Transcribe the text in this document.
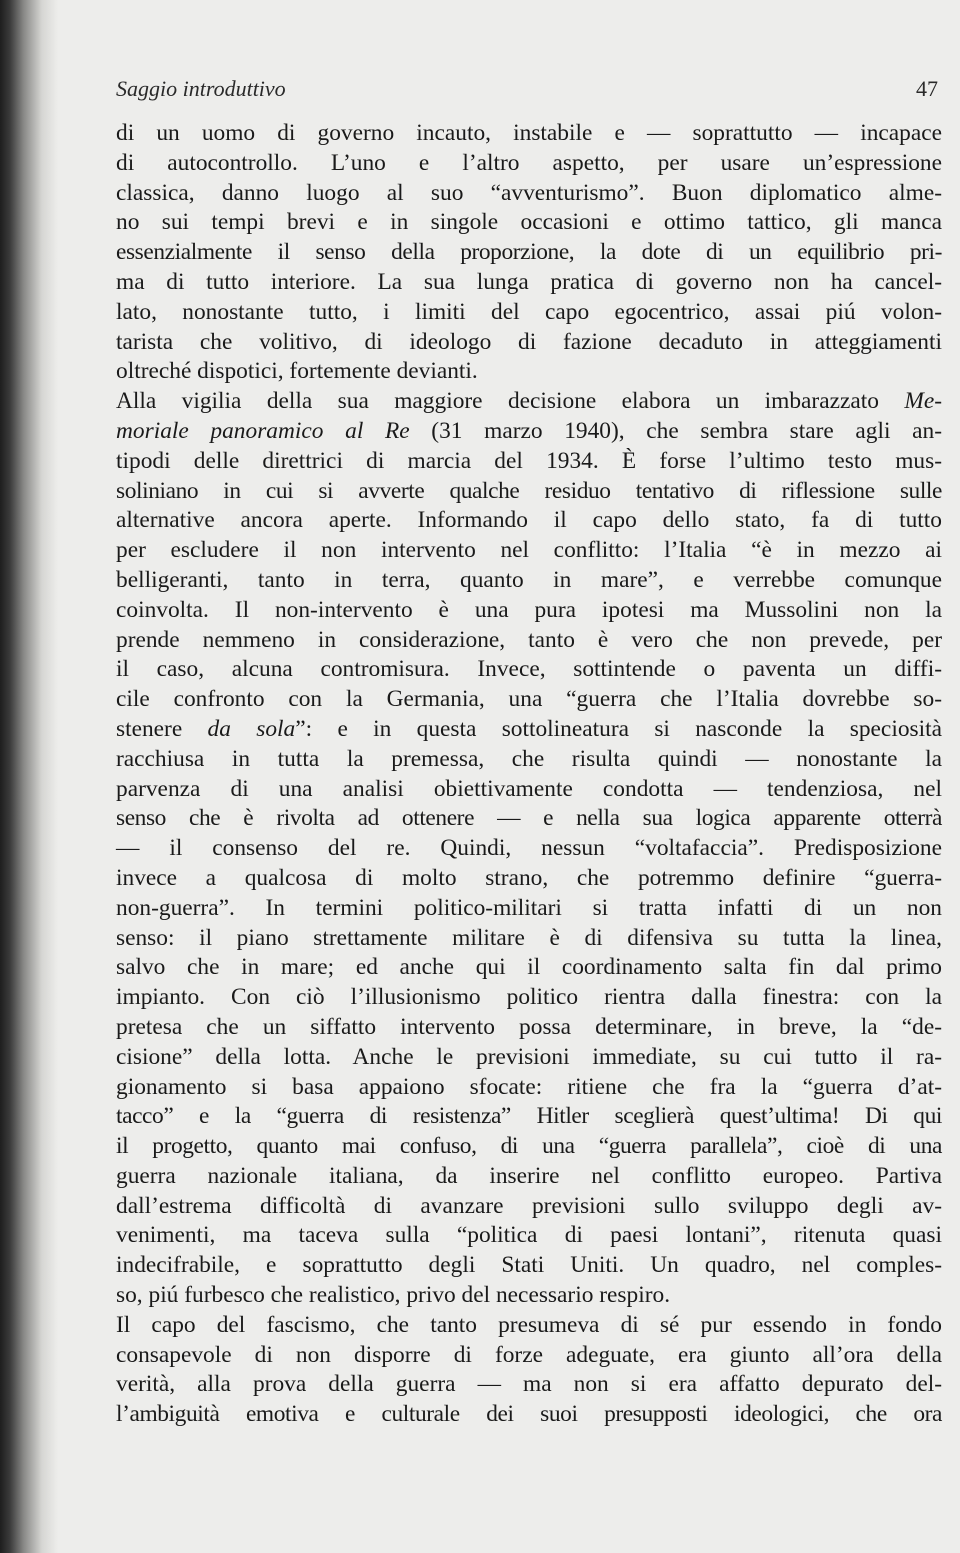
Saggio introduttivo	47
di un uomo di governo incauto, instabile e — soprattutto — incapace
di autocontrollo. L’uno e l’altro aspetto, per usare un’espressione
classica, danno luogo al suo “avventurismo”. Buon diplomatico alme-
no sui tempi brevi e in singole occasioni e ottimo tattico, gli manca
essenzialmente il senso della proporzione, la dote di un equilibrio pri-
ma di tutto interiore. La sua lunga pratica di governo non ha cancel-
lato, nonostante tutto, i limiti del capo egocentrico, assai piú volon-
tarista che volitivo, di ideologo di fazione decaduto in atteggiamenti
oltreché dispotici, fortemente devianti.
Alla vigilia della sua maggiore decisione elabora un imbarazzato Me-
moriale panoramico al Re (31 marzo 1940), che sembra stare agli an-
tipodi delle direttrici di marcia del 1934. È forse l’ultimo testo mus-
soliniano in cui si avverte qualche residuo tentativo di riflessione sulle
alternative ancora aperte. Informando il capo dello stato, fa di tutto
per escludere il non intervento nel conflitto: l’Italia “è in mezzo ai
belligeranti, tanto in terra, quanto in mare”, e verrebbe comunque
coinvolta. Il non-intervento è una pura ipotesi ma Mussolini non la
prende nemmeno in considerazione, tanto è vero che non prevede, per
il caso, alcuna contromisura. Invece, sottintende o paventa un diffi-
cile confronto con la Germania, una “guerra che l’Italia dovrebbe so-
stenere da sola”: e in questa sottolineatura si nasconde la speciosità
racchiusa in tutta la premessa, che risulta quindi — nonostante la
parvenza di una analisi obiettivamente condotta — tendenziosa, nel
senso che è rivolta ad ottenere — e nella sua logica apparente otterrà
— il consenso del re. Quindi, nessun “voltafaccia”. Predisposizione
invece a qualcosa di molto strano, che potremmo definire “guerra-
non-guerra”. In termini politico-militari si tratta infatti di un non
senso: il piano strettamente militare è di difensiva su tutta la linea,
salvo che in mare; ed anche qui il coordinamento salta fin dal primo
impianto. Con ciò l’illusionismo politico rientra dalla finestra: con la
pretesa che un siffatto intervento possa determinare, in breve, la “de-
cisione” della lotta. Anche le previsioni immediate, su cui tutto il ra-
gionamento si basa appaiono sfocate: ritiene che fra la “guerra d’at-
tacco” e la “guerra di resistenza” Hitler sceglierà quest’ultima! Di qui
il progetto, quanto mai confuso, di una “guerra parallela”, cioè di una
guerra nazionale italiana, da inserire nel conflitto europeo. Partiva
dall’estrema difficoltà di avanzare previsioni sullo sviluppo degli av-
venimenti, ma taceva sulla “politica di paesi lontani”, ritenuta quasi
indecifrabile, e soprattutto degli Stati Uniti. Un quadro, nel comples-
so, piú furbesco che realistico, privo del necessario respiro.
Il capo del fascismo, che tanto presumeva di sé pur essendo in fondo
consapevole di non disporre di forze adeguate, era giunto all’ora della
verità, alla prova della guerra — ma non si era affatto depurato del-
l’ambiguità emotiva e culturale dei suoi presupposti ideologici, che ora
